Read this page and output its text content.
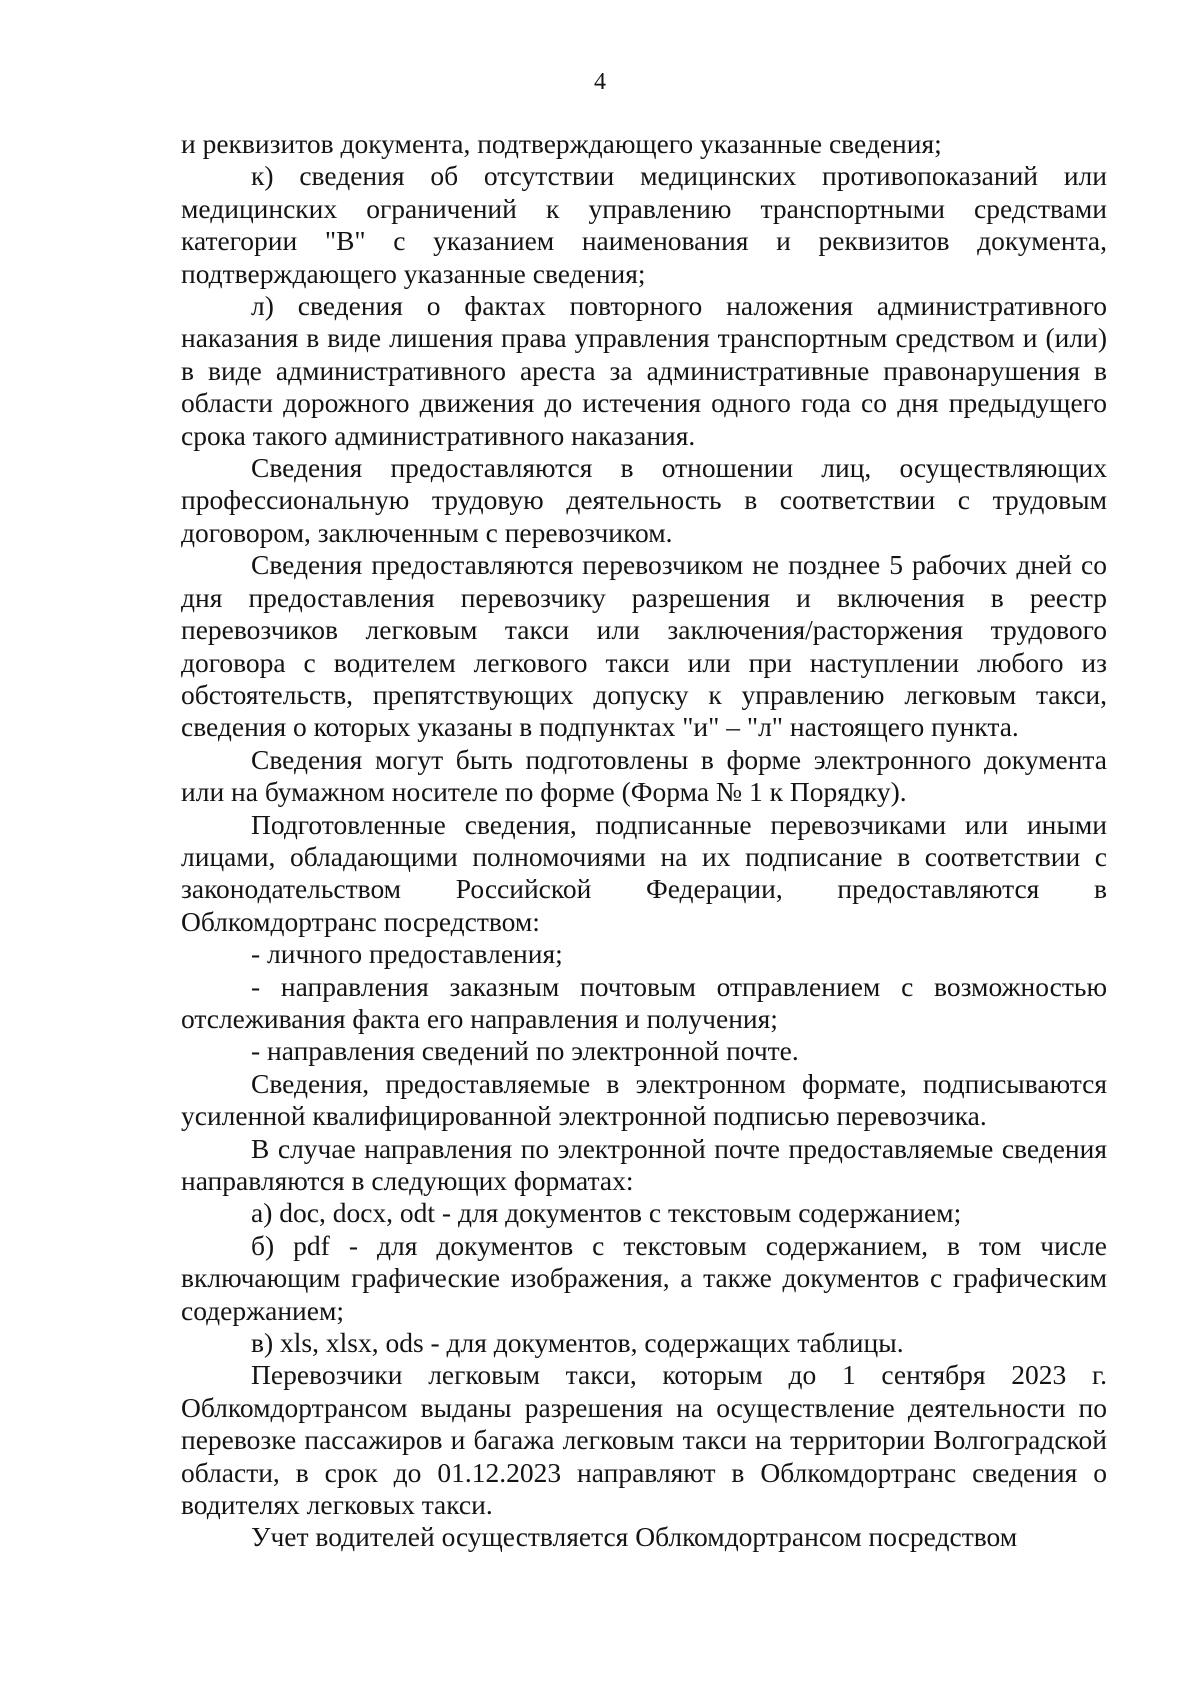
4

и реквизитов документа, подтверждающего указанные сведения;

к) сведения об отсутствии медицинских противопоказаний или медицинских ограничений к управлению транспортными средствами категории "В" с указанием наименования и реквизитов документа, подтверждающего указанные сведения;

л) сведения о фактах повторного наложения административного наказания в виде лишения права управления транспортным средством и (или) в виде административного ареста за административные правонарушения в области дорожного движения до истечения одного года со дня предыдущего срока такого административного наказания.

Сведения предоставляются в отношении лиц, осуществляющих профессиональную трудовую деятельность в соответствии с трудовым договором, заключенным с перевозчиком.

Сведения предоставляются перевозчиком не позднее 5 рабочих дней со дня предоставления перевозчику разрешения и включения в реестр перевозчиков легковым такси или заключения/расторжения трудового договора с водителем легкового такси или при наступлении любого из обстоятельств, препятствующих допуску к управлению легковым такси, сведения о которых указаны в подпунктах "и" – "л" настоящего пункта.

Сведения могут быть подготовлены в форме электронного документа или на бумажном носителе по форме (Форма № 1 к Порядку).

Подготовленные сведения, подписанные перевозчиками или иными лицами, обладающими полномочиями на их подписание в соответствии с законодательством Российской Федерации, предоставляются в Облкомдортранс посредством:

- личного предоставления;

- направления заказным почтовым отправлением с возможностью отслеживания факта его направления и получения;

- направления сведений по электронной почте.

Сведения, предоставляемые в электронном формате, подписываются усиленной квалифицированной электронной подписью перевозчика.

В случае направления по электронной почте предоставляемые сведения направляются в следующих форматах:

а) doc, docx, odt - для документов с текстовым содержанием;

б) pdf - для документов с текстовым содержанием, в том числе включающим графические изображения, а также документов с графическим содержанием;

в) xls, xlsx, ods - для документов, содержащих таблицы.

Перевозчики легковым такси, которым до 1 сентября 2023 г. Облкомдортрансом выданы разрешения на осуществление деятельности по перевозке пассажиров и багажа легковым такси на территории Волгоградской области, в срок до 01.12.2023 направляют в Облкомдортранс сведения о водителях легковых такси.

Учет водителей осуществляется Облкомдортрансом посредством
